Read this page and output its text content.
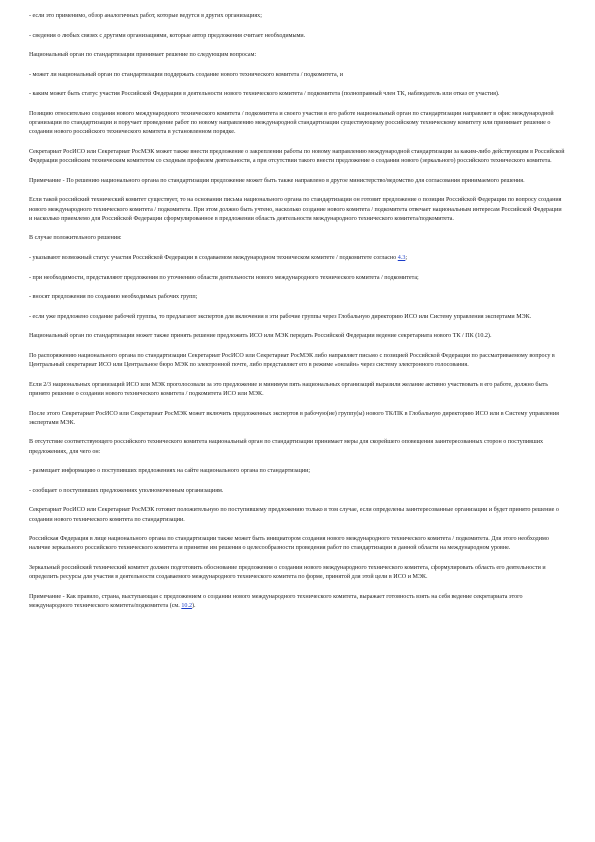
- если это применимо, обзор аналогичных работ, которые ведутся в других организациях;

- сведения о любых связях с другими организациями, которые автор предложения считает необходимыми.

Национальный орган по стандартизации принимает решение по следующим вопросам:

- может ли национальный орган по стандартизации поддержать создание нового технического комитета / подкомитета, и

- каким может быть статус участия Российской Федерации в деятельности нового технического комитета / подкомитета (полноправный член ТК, наблюдатель или отказ от участия).

Позицию относительно создания нового международного технического комитета / подкомитета и своего участия в его работе национальный орган по стандартизации направляет в офис международной организации по стандартизации и поручает проведение работ по новому направлению международной стандартизации существующему российскому техническому комитету или принимает решение о создании нового российского технического комитета в установленном порядке.

Секретариат РосИСО или Секретариат РосМЭК может также внести предложение о закреплении работы по новому направлению международной стандартизации за каким-либо действующим в Российской Федерации российским техническим комитетом со сходным профилем деятельности, а при отсутствии такого внести предложение о создании нового (зеркального) российского технического комитета.

Примечание - По решению национального органа по стандартизации предложение может быть также направлено в другое министерство/ведомство для согласования принимаемого решения.

Если такой российский технический комитет существует, то на основании письма национального органа по стандартизации он готовит предложение о позиции Российской Федерации по вопросу создания нового международного технического комитета / подкомитета. При этом должно быть учтено, насколько создание нового комитета / подкомитета отвечает национальным интересам Российской Федерации и насколько приемлемо для Российской Федерации сформулированное в предложении область деятельности международного технического комитета/подкомитета.

В случае положительного решения:

- указывают возможный статус участия Российской Федерации в создаваемом международном техническом комитете / подкомитете согласно 4.3;

- при необходимости, представляют предложения по уточнению области деятельности нового международного технического комитета / подкомитета;

- вносят предложения по созданию необходимых рабочих групп;

- если уже предложено создание рабочей группы, то предлагают экспертов для включения в эти рабочие группы через Глобальную директорию ИСО или Систему управления экспертами МЭК.

Национальный орган по стандартизации может также принять решение предложить ИСО или МЭК передать Российской Федерации ведение секретариата нового ТК / ПК (10.2).

По распоряжению национального органа по стандартизации Секретариат РосИСО или Секретариат РосМЭК либо направляет письмо с позицией Российской Федерации по рассматриваемому вопросу в Центральный секретариат ИСО или Центральное бюро МЭК по электронной почте, либо представляет его в режиме «онлайн» через систему электронного голосования.

Если 2/3 национальных организаций ИСО или МЭК проголосовали за это предложение и минимум пять национальных организаций выразили желание активно участвовать в его работе, должно быть принято решение о создании нового технического комитета / подкомитета ИСО или МЭК.

После этого Секретариат РосИСО или Секретариат РосМЭК может включить предложенных экспертов в рабочую(ие) группу(ы) нового ТК/ПК в Глобальную директорию ИСО или в Систему управления экспертами МЭК.

В отсутствие соответствующего российского технического комитета национальный орган по стандартизации принимает меры для скорейшего оповещения заинтересованных сторон о поступивших предложениях, для чего он:

- размещает информацию о поступивших предложениях на сайте национального органа по стандартизации;

- сообщает о поступивших предложениях уполномоченным организациям.

Секретариат РосИСО или Секретариат РосМЭК готовит положительную по поступившему предложению только в том случае, если определены заинтересованные организации и будет принято решение о создании нового технического комитета по стандартизации.

Российская Федерация в лице национального органа по стандартизации также может быть инициатором создания нового международного технического комитета / подкомитета. Для этого необходимо наличие зеркального российского технического комитета и принятие им решения о целесообразности проведения работ по стандартизации в данной области на международном уровне.

Зеркальный российский технический комитет должен подготовить обоснование предложения о создании нового международного технического комитета, сформулировать область его деятельности и определить ресурсы для участия в деятельности создаваемого международного технического комитета по форме, принятой для этой цели в ИСО и МЭК.

Примечание - Как правило, страна, выступающая с предложением о создании нового международного технического комитета, выражает готовность взять на себя ведение секретариата этого международного технического комитета/подкомитета (см. 10.2).
